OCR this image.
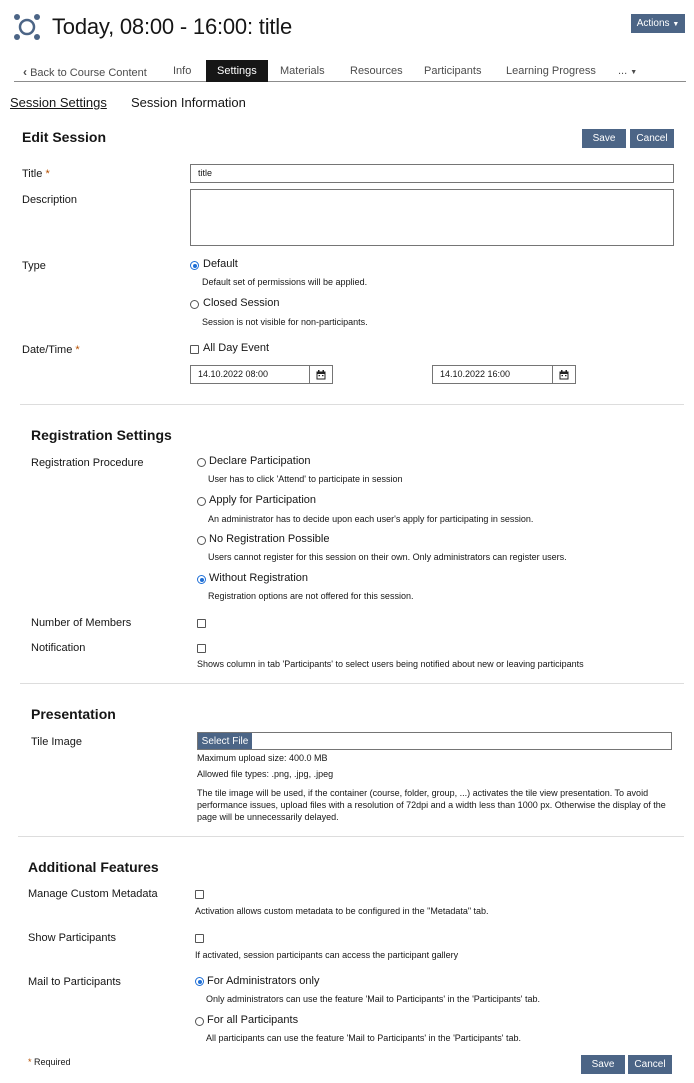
Today, 08:00 - 16:00: title	Actions ▼
‹ Back to Course Content Info	Settings	Materials Resources Participants Learning Progress ... ▼
Session Settings Session Information
Edit Session	Save	Cancel
Title *	title
Description
Type	Default
Default set of permissions will be applied.
Closed Session
Session is not visible for non-participants.
Date/Time *	All Day Event
14.10.2022 08:00	14.10.2022 16:00
Registration Settings
Registration Procedure	Declare Participation
User has to click 'Attend' to participate in session
Apply for Participation
An administrator has to decide upon each user's apply for participating in session.
No Registration Possible
Users cannot register for this session on their own. Only administrators can register users.
Without Registration
Registration options are not offered for this session.
Number of Members
Notification
Shows column in tab 'Participants' to select users being notified about new or leaving participants
Presentation
Tile Image	Select File
Maximum upload size: 400.0 MB
Allowed file types: .png, .jpg, .jpeg
The tile image will be used, if the container (course, folder, group, ...) activates the tile view presentation. To avoid performance issues, upload files with a resolution of 72dpi and a width less than 1000 px. Otherwise the display of the page will be unnecessarily delayed.
Additional Features
Manage Custom Metadata
Activation allows custom metadata to be configured in the "Metadata" tab.
Show Participants
If activated, session participants can access the participant gallery
Mail to Participants	For Administrators only
Only administrators can use the feature 'Mail to Participants' in the 'Participants' tab.
For all Participants
All participants can use the feature 'Mail to Participants' in the 'Participants' tab.
* Required	Save	Cancel
